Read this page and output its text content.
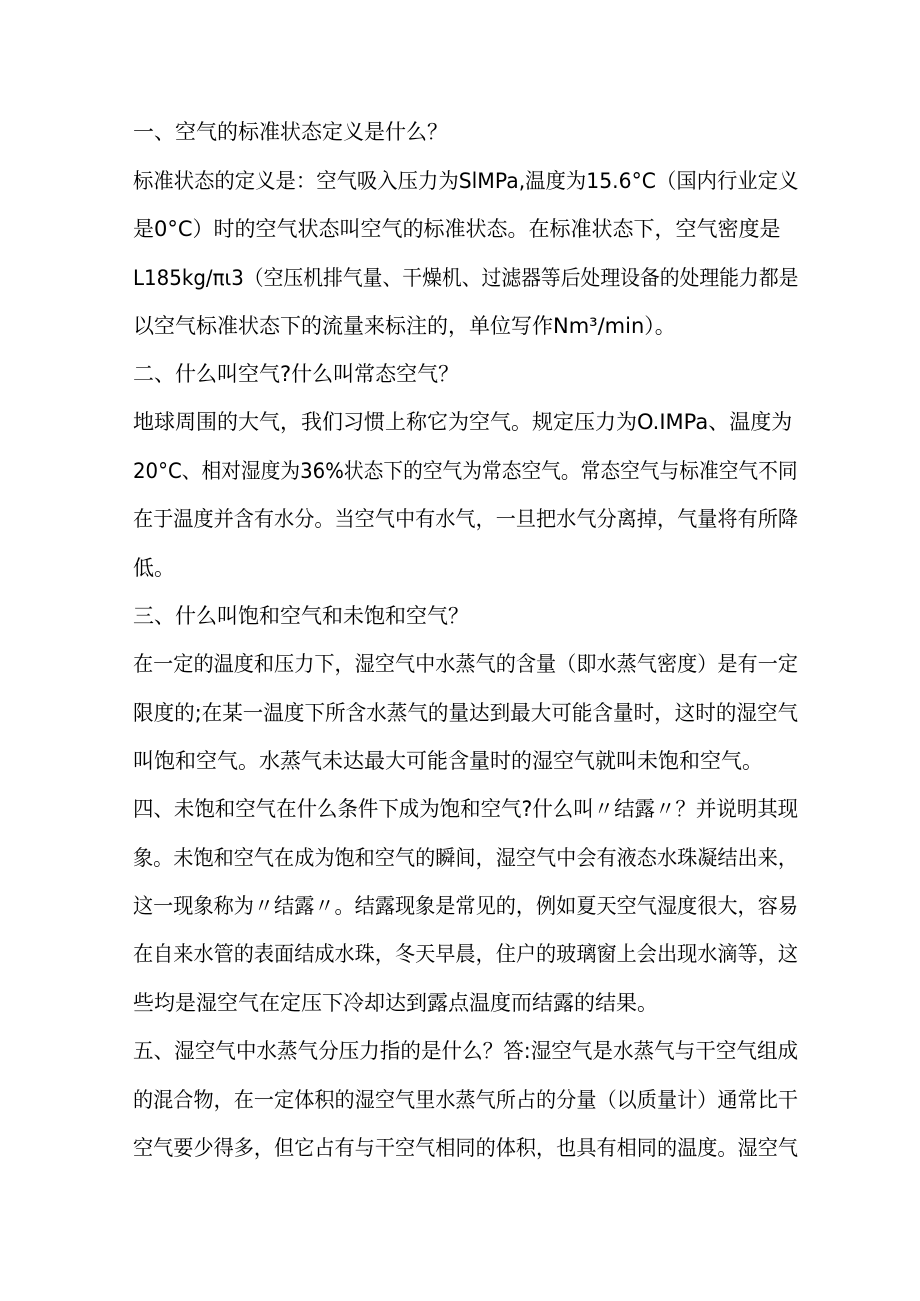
一、空气的标准状态定义是什么？
标准状态的定义是：空气吸入压力为SlMPa,温度为15.6°C（国内行业定义
是0°C）时的空气状态叫空气的标准状态。在标准状态下，空气密度是
L185kg/πι3（空压机排气量、干燥机、过滤器等后处理设备的处理能力都是
以空气标准状态下的流量来标注的，单位写作Nm³/min）。
二、什么叫空气?什么叫常态空气？
地球周围的大气，我们习惯上称它为空气。规定压力为O.IMPa、温度为
20°C、相对湿度为36%状态下的空气为常态空气。常态空气与标准空气不同
在于温度并含有水分。当空气中有水气，一旦把水气分离掉，气量将有所降
低。
三、什么叫饱和空气和未饱和空气？
在一定的温度和压力下，湿空气中水蒸气的含量（即水蒸气密度）是有一定
限度的;在某一温度下所含水蒸气的量达到最大可能含量时，这时的湿空气
叫饱和空气。水蒸气未达最大可能含量时的湿空气就叫未饱和空气。
四、未饱和空气在什么条件下成为饱和空气?什么叫〃结露〃？并说明其现
象。未饱和空气在成为饱和空气的瞬间，湿空气中会有液态水珠凝结出来，
这一现象称为〃结露〃。结露现象是常见的，例如夏天空气湿度很大，容易
在自来水管的表面结成水珠，冬天早晨，住户的玻璃窗上会出现水滴等，这
些均是湿空气在定压下冷却达到露点温度而结露的结果。
五、湿空气中水蒸气分压力指的是什么？答:湿空气是水蒸气与干空气组成
的混合物，在一定体积的湿空气里水蒸气所占的分量（以质量计）通常比干
空气要少得多，但它占有与干空气相同的体积，也具有相同的温度。湿空气
